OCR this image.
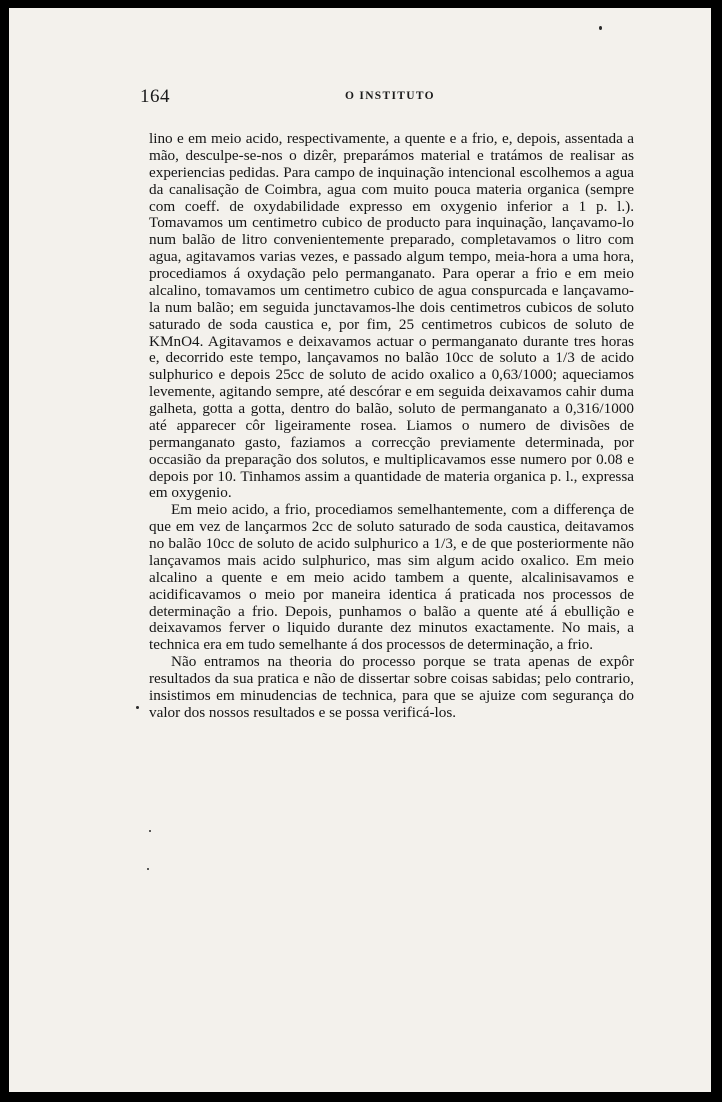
164	O INSTITUTO

lino e em meio acido, respectivamente, a quente e a frio, e, depois, assentada a mão, desculpe-se-nos o dizêr, preparámos material e tratámos de realisar as experiencias pedidas. Para campo de inquinação intencional escolhemos a agua da canalisação de Coimbra, agua com muito pouca materia organica (sempre com coeff. de oxydabilidade expresso em oxygenio inferior a 1 p. l.). Tomavamos um centimetro cubico de producto para inquinação, lançavamo-lo num balão de litro convenientemente preparado, completavamos o litro com agua, agitavamos varias vezes, e passado algum tempo, meia-hora a uma hora, procediamos á oxydação pelo permanganato. Para operar a frio e em meio alcalino, tomavamos um centimetro cubico de agua conspurcada e lançavamo-la num balão; em seguida junctavamos-lhe dois centimetros cubicos de soluto saturado de soda caustica e, por fim, 25 centimetros cubicos de soluto de KMnO4. Agitavamos e deixavamos actuar o permanganato durante tres horas e, decorrido este tempo, lançavamos no balão 10cc de soluto a 1/3 de acido sulphurico e depois 25cc de soluto de acido oxalico a 0,63/1000; aqueciamos levemente, agitando sempre, até descórar e em seguida deixavamos cahir duma galheta, gotta a gotta, dentro do balão, soluto de permanganato a 0,316/1000 até apparecer côr ligeiramente rosea. Liamos o numero de divisões de permanganato gasto, faziamos a correcção previamente determinada, por occasião da preparação dos solutos, e multiplicavamos esse numero por 0.08 e depois por 10. Tinhamos assim a quantidade de materia organica p. l., expressa em oxygenio.

Em meio acido, a frio, procediamos semelhantemente, com a differença de que em vez de lançarmos 2cc de soluto saturado de soda caustica, deitavamos no balão 10cc de soluto de acido sulphurico a 1/3, e de que posteriormente não lançavamos mais acido sulphurico, mas sim algum acido oxalico. Em meio alcalino a quente e em meio acido tambem a quente, alcalinisavamos e acidificavamos o meio por maneira identica á praticada nos processos de determinação a frio. Depois, punhamos o balão a quente até á ebullição e deixavamos ferver o liquido durante dez minutos exactamente. No mais, a technica era em tudo semelhante á dos processos de determinação, a frio.

Não entramos na theoria do processo porque se trata apenas de expôr resultados da sua pratica e não de dissertar sobre coisas sabidas; pelo contrario, insistimos em minudencias de technica, para que se ajuize com segurança do valor dos nossos resultados e se possa verificá-los.
